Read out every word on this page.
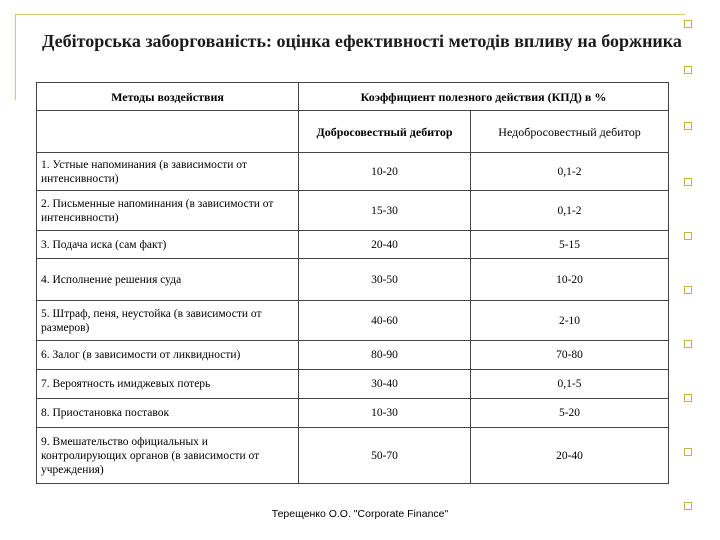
Дебіторська заборгованість: оцінка ефективності методів впливу на боржника
Методы воздействия	Коэффициент полезного действия (КПД) в %	
	Добросовестный дебитор	Недобросовестный дебитор
1. Устные напоминания (в зависимости от интенсивности)	10-20	0,1-2
2. Письменные напоминания (в зависимости от интенсивности)	15-30	0,1-2
3. Подача иска (сам факт)	20-40	5-15
4. Исполнение решения суда	30-50	10-20
5. Штраф, пеня, неустойка (в зависимости от размеров)	40-60	2-10
6. Залог (в зависимости от ликвидности)	80-90	70-80
7. Вероятность имиджевых потерь	30-40	0,1-5
8. Приостановка поставок	10-30	5-20
9. Вмешательство официальных и контролирующих органов (в зависимости от учреждения)	50-70	20-40
Терещенко О.О. "Corporate Finance"
